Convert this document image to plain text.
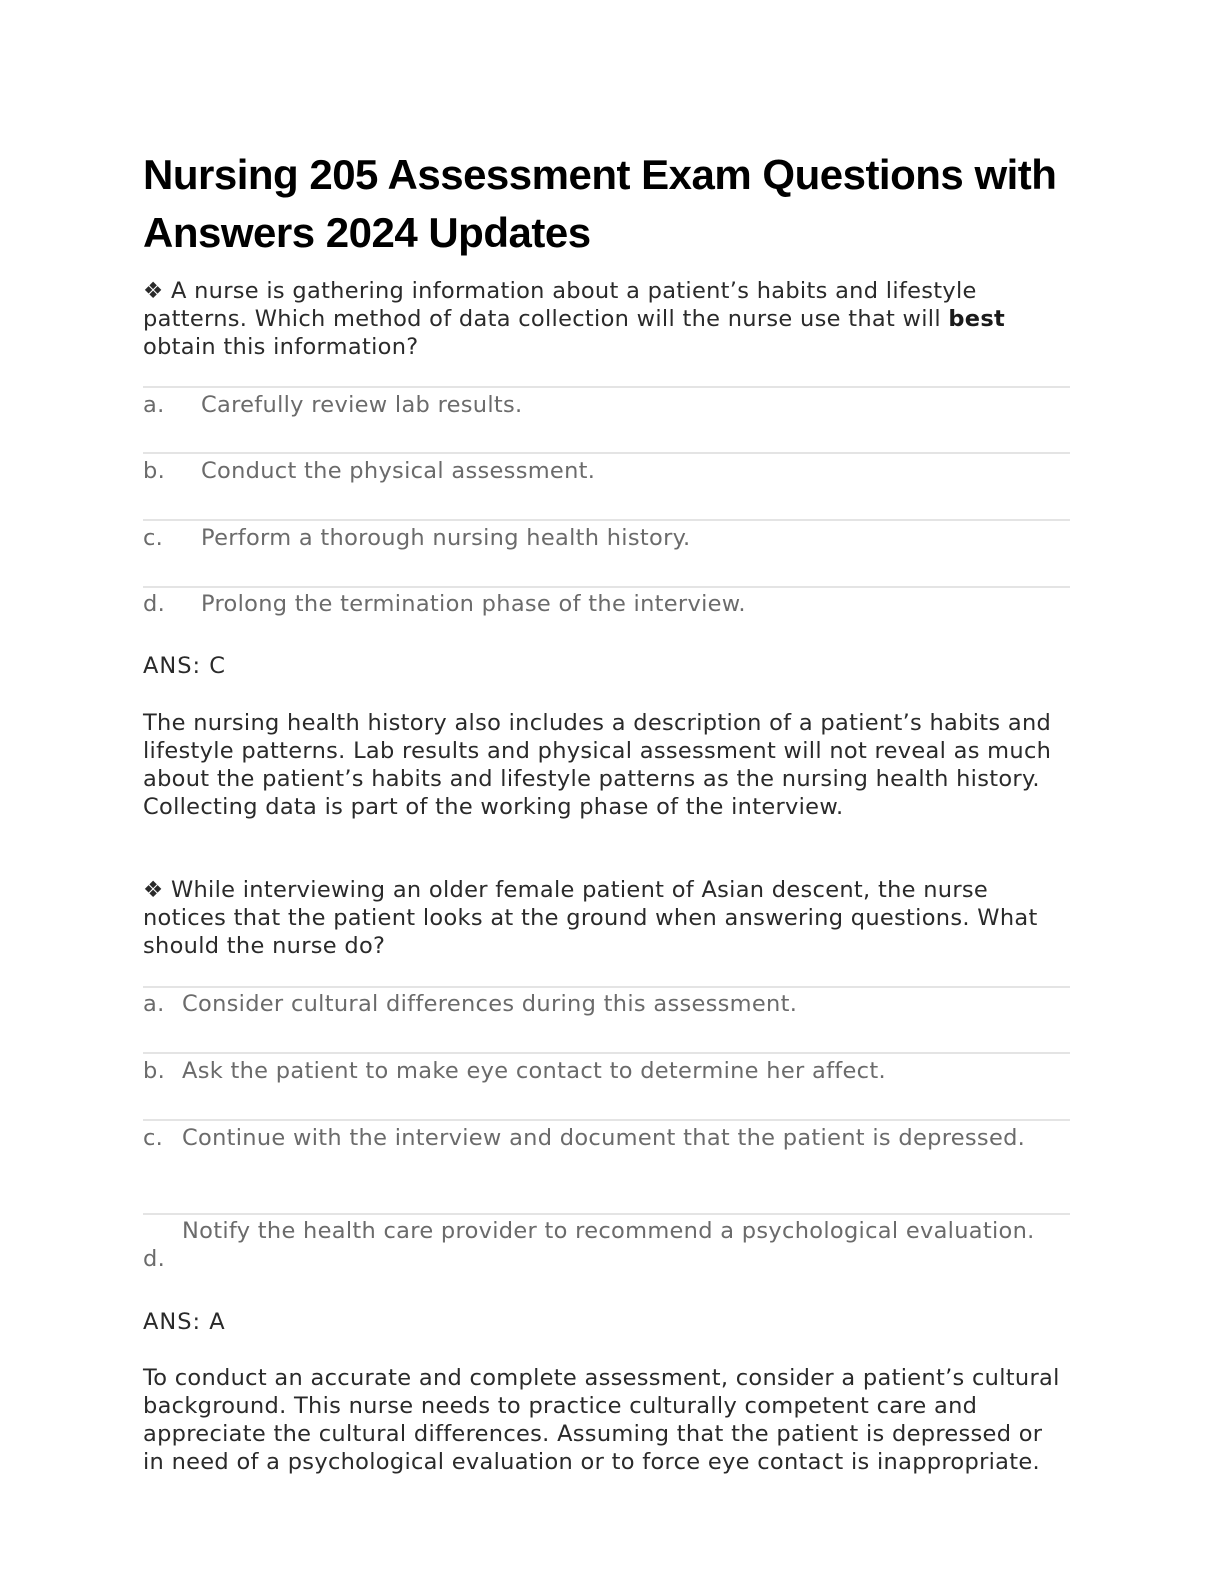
Nursing 205 Assessment Exam Questions with Answers 2024 Updates

❖ A nurse is gathering information about a patient’s habits and lifestyle patterns. Which method of data collection will the nurse use that will best obtain this information?

a. Carefully review lab results.
b. Conduct the physical assessment.
c. Perform a thorough nursing health history.
d. Prolong the termination phase of the interview.
ANS: C

The nursing health history also includes a description of a patient’s habits and lifestyle patterns. Lab results and physical assessment will not reveal as much about the patient’s habits and lifestyle patterns as the nursing health history. Collecting data is part of the working phase of the interview.

❖ While interviewing an older female patient of Asian descent, the nurse notices that the patient looks at the ground when answering questions. What should the nurse do?

a. Consider cultural differences during this assessment.
b. Ask the patient to make eye contact to determine her affect.
c. Continue with the interview and document that the patient is depressed.
d.
Notify the health care provider to recommend a psychological evaluation.
ANS: A

To conduct an accurate and complete assessment, consider a patient’s cultural background. This nurse needs to practice culturally competent care and appreciate the cultural differences. Assuming that the patient is depressed or in need of a psychological evaluation or to force eye contact is inappropriate.
